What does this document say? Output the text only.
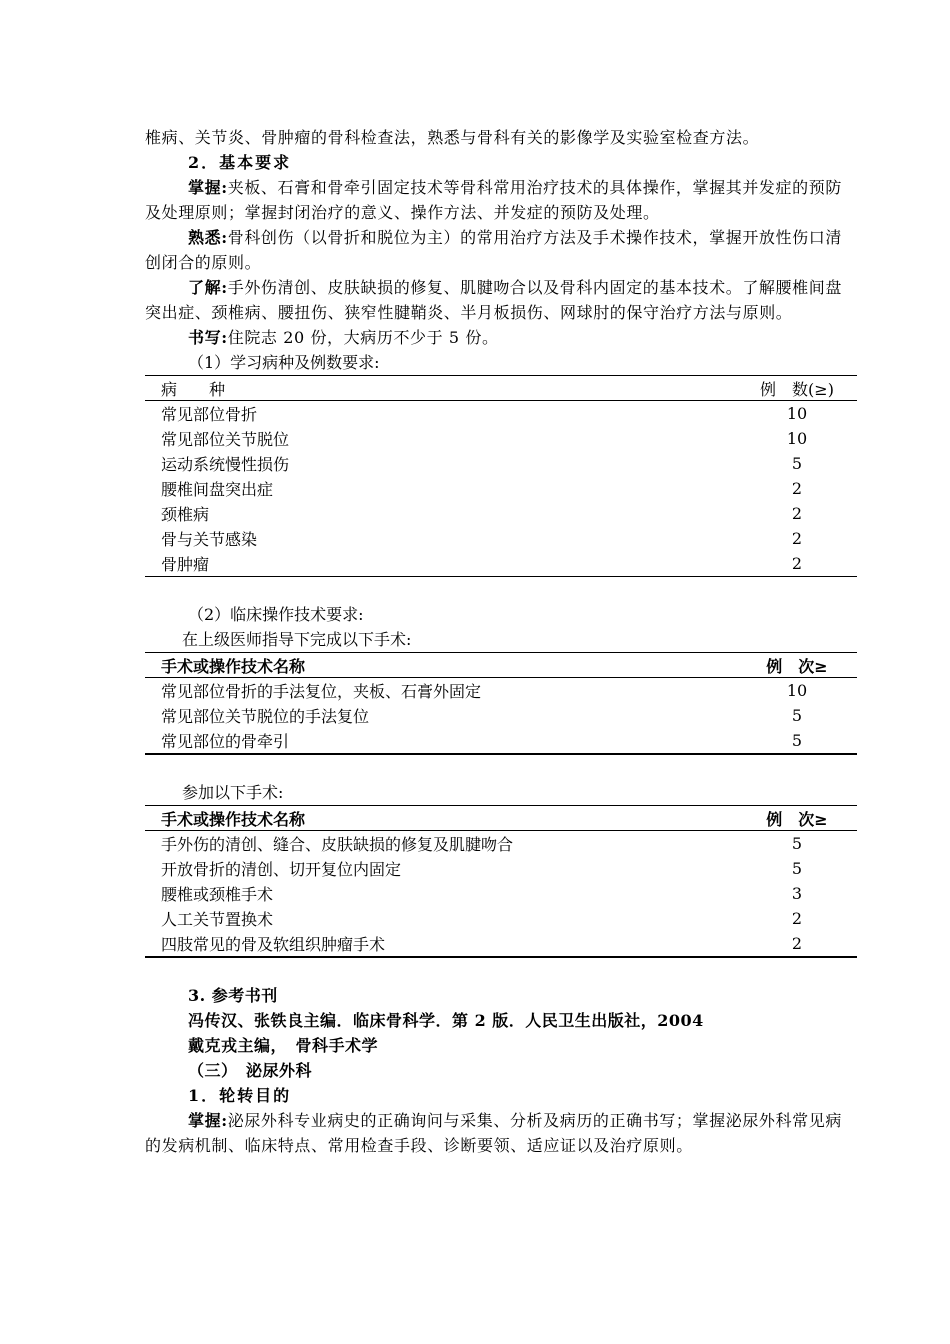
椎病、关节炎、骨肿瘤的骨科检查法，熟悉与骨科有关的影像学及实验室检查方法。

2．基本要求

掌握:夹板、石膏和骨牵引固定技术等骨科常用治疗技术的具体操作，掌握其并发症的预防及处理原则；掌握封闭治疗的意义、操作方法、并发症的预防及处理。

熟悉:骨科创伤（以骨折和脱位为主）的常用治疗方法及手术操作技术，掌握开放性伤口清创闭合的原则。

了解:手外伤清创、皮肤缺损的修复、肌腱吻合以及骨科内固定的基本技术。了解腰椎间盘突出症、颈椎病、腰扭伤、狭窄性腱鞘炎、半月板损伤、网球肘的保守治疗方法与原则。

书写:住院志 20 份，大病历不少于 5 份。

（1）学习病种及例数要求:
病　　种	例　数(≥)
常见部位骨折	10
常见部位关节脱位	10
运动系统慢性损伤	5
腰椎间盘突出症	2
颈椎病	2
骨与关节感染	2
骨肿瘤	2
（2）临床操作技术要求:
在上级医师指导下完成以下手术:
手术或操作技术名称	例　次≥
常见部位骨折的手法复位，夹板、石膏外固定	10
常见部位关节脱位的手法复位	5
常见部位的骨牵引	5
参加以下手术:
手术或操作技术名称	例　次≥
手外伤的清创、缝合、皮肤缺损的修复及肌腱吻合	5
开放骨折的清创、切开复位内固定	5
腰椎或颈椎手术	3
人工关节置换术	2
四肢常见的骨及软组织肿瘤手术	2
3. 参考书刊
冯传汉、张铁良主编．临床骨科学．第 2 版．人民卫生出版社，2004
戴克戎主编，　骨科手术学
（三）　泌尿外科
1．轮转目的

掌握:泌尿外科专业病史的正确询问与采集、分析及病历的正确书写；掌握泌尿外科常见病的发病机制、临床特点、常用检查手段、诊断要领、适应证以及治疗原则。
